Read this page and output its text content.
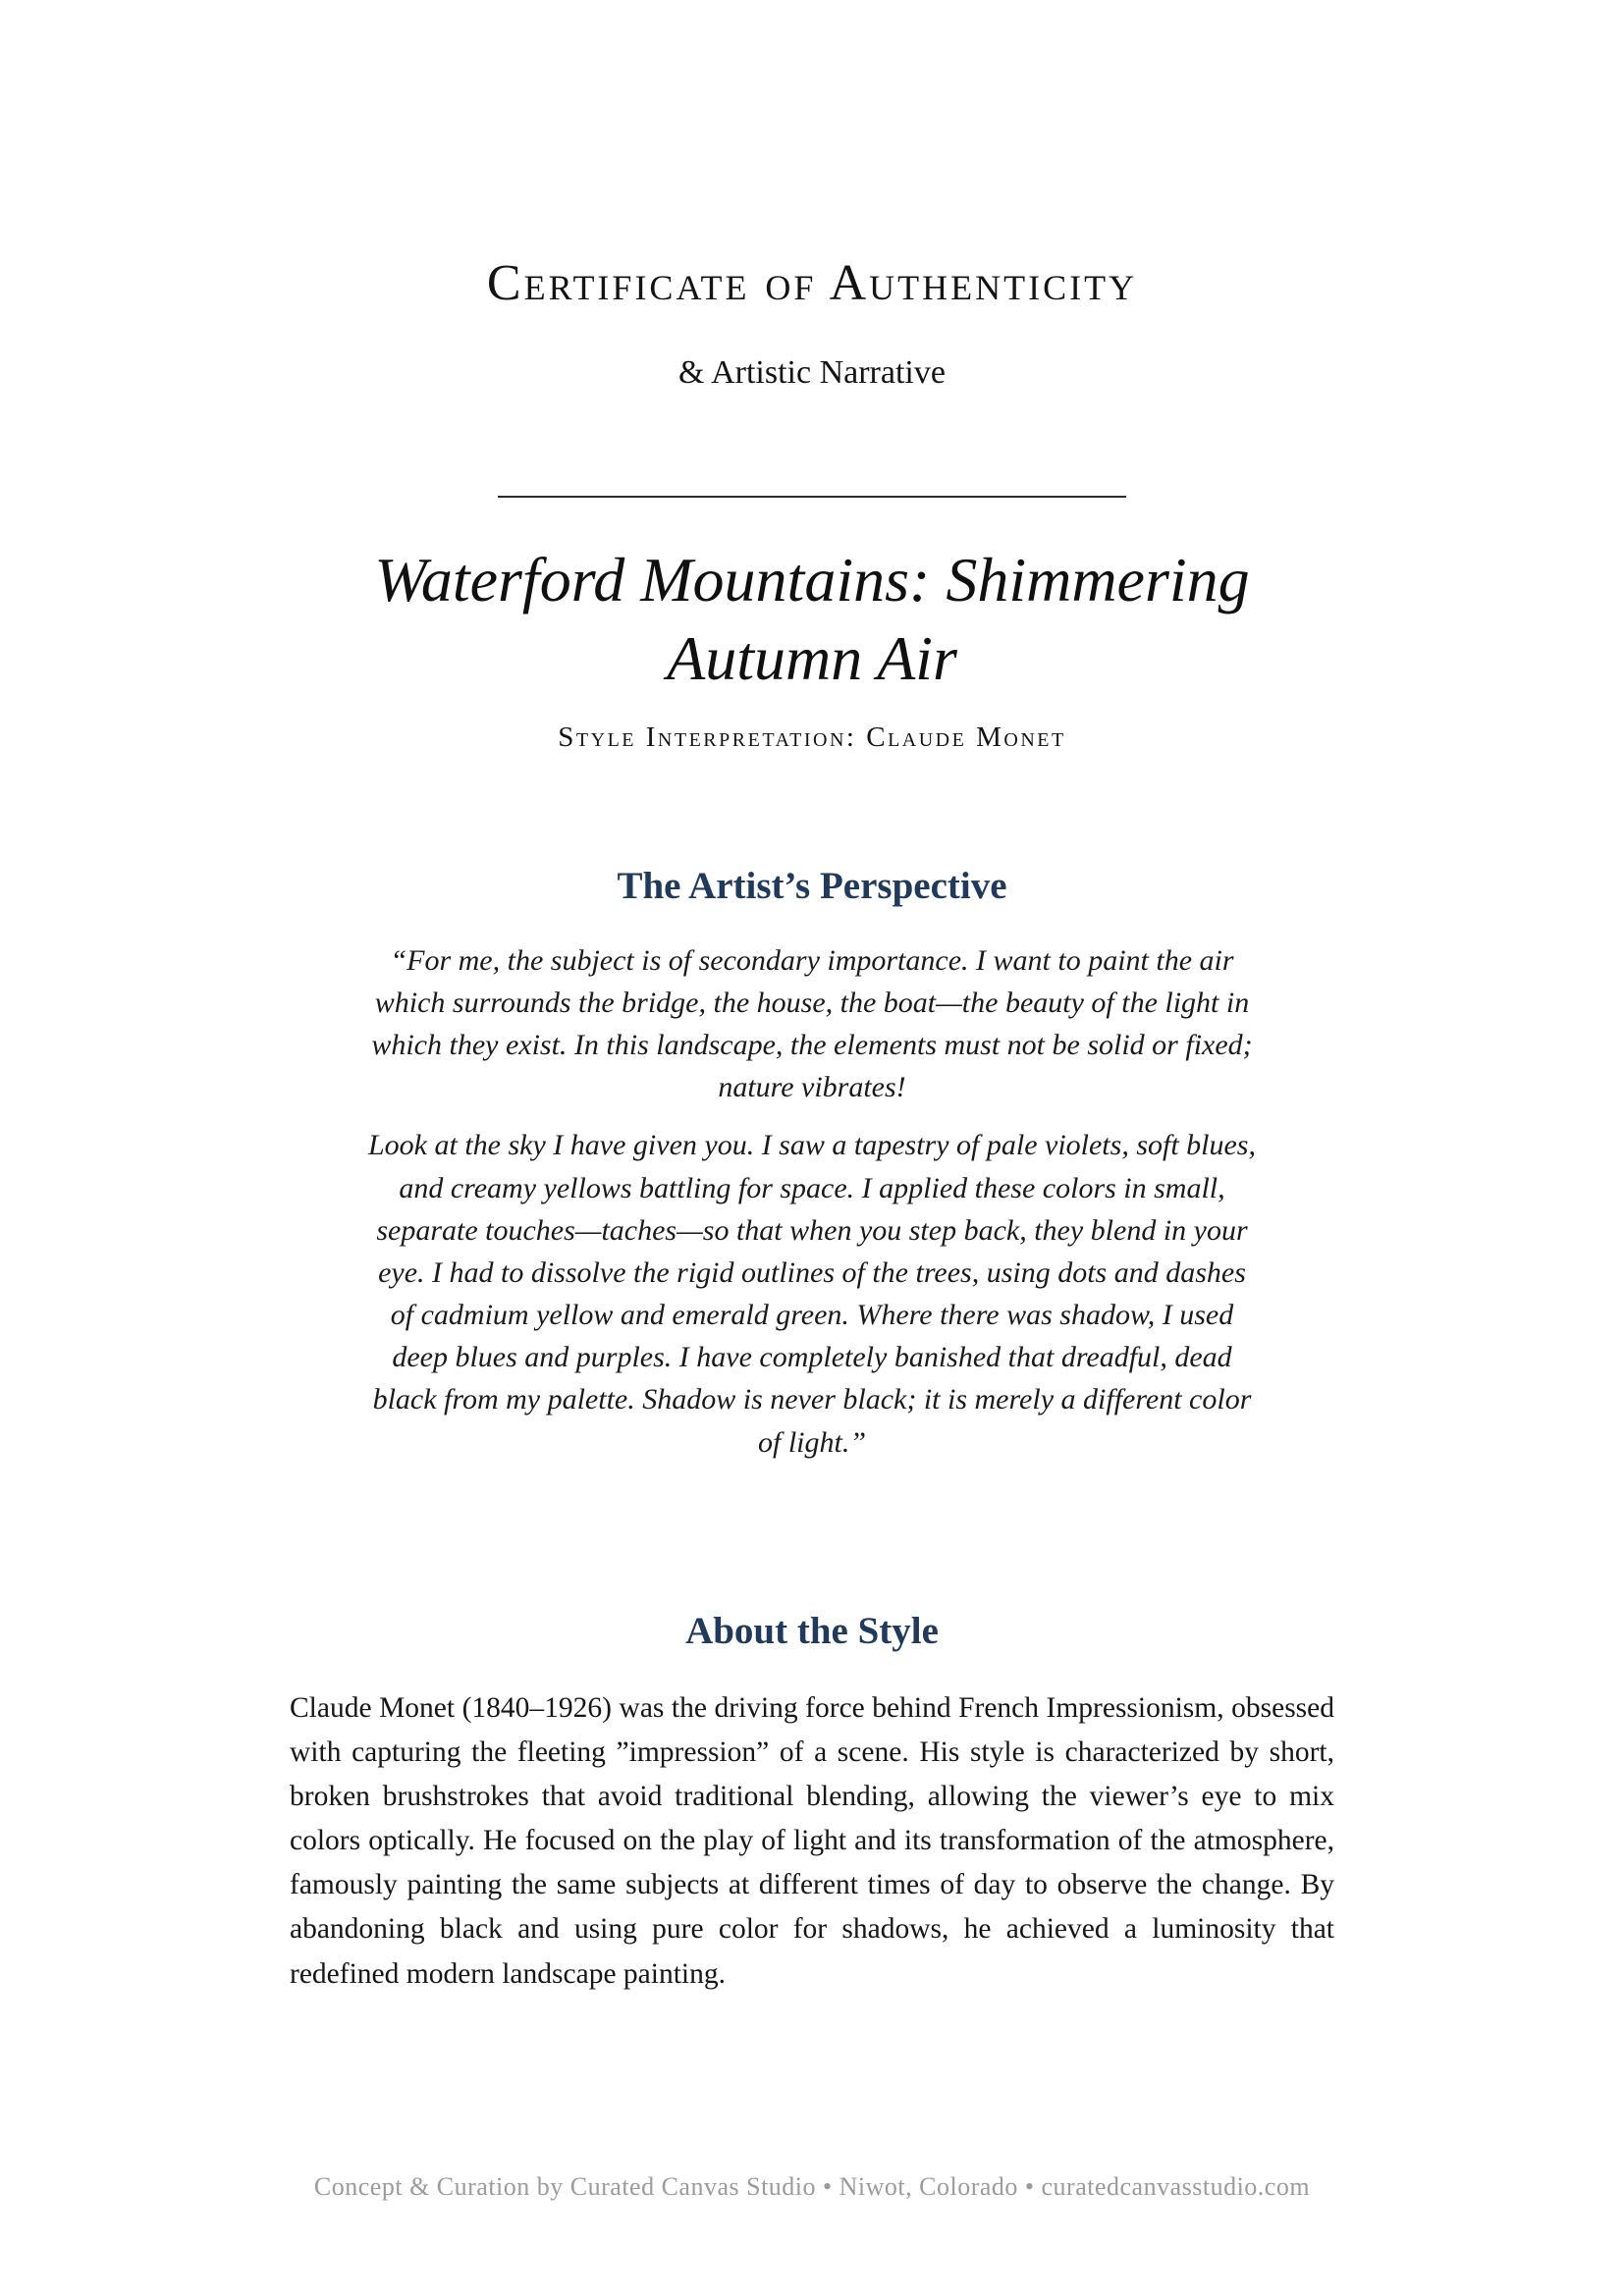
Certificate of Authenticity
& Artistic Narrative
Waterford Mountains: Shimmering
Autumn Air
Style Interpretation: Claude Monet
The Artist’s Perspective

“For me, the subject is of secondary importance. I want to paint the air which surrounds the bridge, the house, the boat—the beauty of the light in which they exist. In this landscape, the elements must not be solid or fixed; nature vibrates!

Look at the sky I have given you. I saw a tapestry of pale violets, soft blues, and creamy yellows battling for space. I applied these colors in small, separate touches—taches—so that when you step back, they blend in your eye. I had to dissolve the rigid outlines of the trees, using dots and dashes of cadmium yellow and emerald green. Where there was shadow, I used deep blues and purples. I have completely banished that dreadful, dead black from my palette. Shadow is never black; it is merely a different color of light.”

About the Style

Claude Monet (1840–1926) was the driving force behind French Impressionism, obsessed with capturing the fleeting ”impression” of a scene. His style is characterized by short, broken brushstrokes that avoid traditional blending, allowing the viewer’s eye to mix colors optically. He focused on the play of light and its transformation of the atmosphere, famously painting the same subjects at different times of day to observe the change. By abandoning black and using pure color for shadows, he achieved a luminosity that redefined modern landscape painting.

Concept & Curation by Curated Canvas Studio • Niwot, Colorado • curatedcanvasstudio.com
